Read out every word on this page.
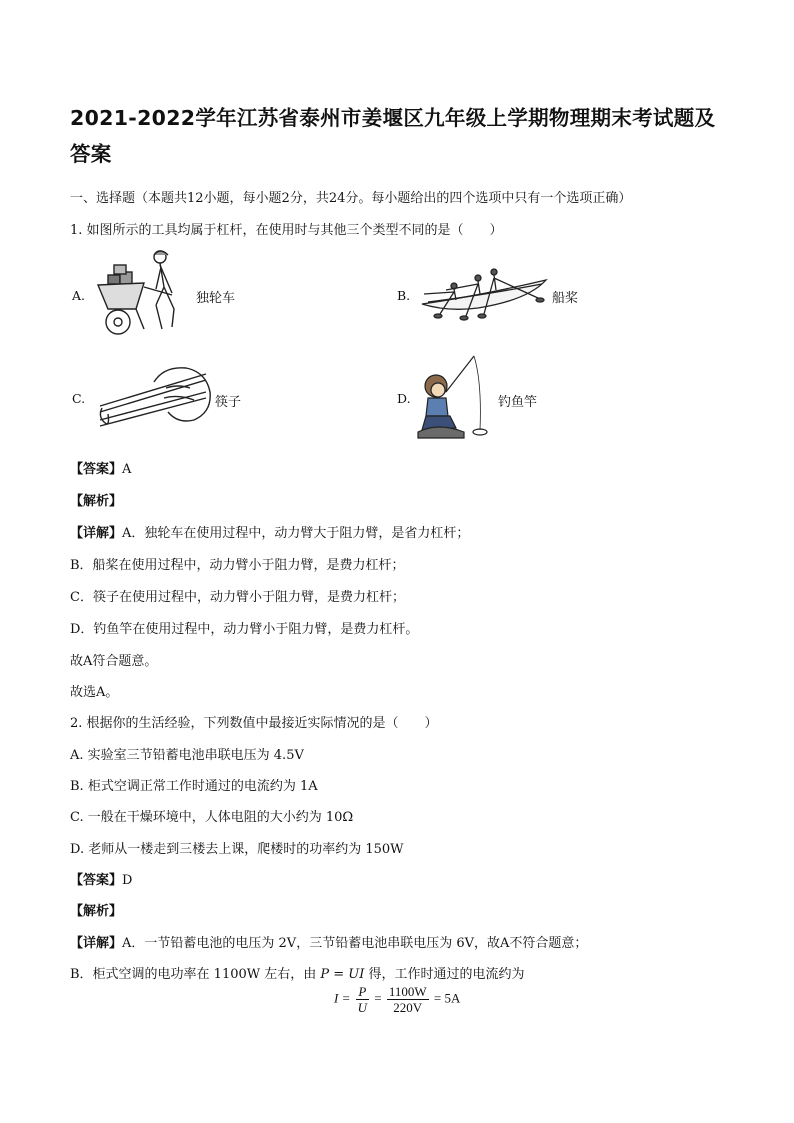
2021-2022学年江苏省泰州市姜堰区九年级上学期物理期末考试题及
答案
一、选择题（本题共12小题，每小题2分，共24分。每小题给出的四个选项中只有一个选项正确）
1. 如图所示的工具均属于杠杆，在使用时与其他三个类型不同的是（　　）
A.	独轮车	B.	船桨
C.	筷子	D.	钓鱼竿
【答案】A
【解析】
【详解】A．独轮车在使用过程中，动力臂大于阻力臂，是省力杠杆；
B．船桨在使用过程中，动力臂小于阻力臂，是费力杠杆；
C．筷子在使用过程中，动力臂小于阻力臂，是费力杠杆；
D．钓鱼竿在使用过程中，动力臂小于阻力臂，是费力杠杆。
故A符合题意。
故选A。
2. 根据你的生活经验，下列数值中最接近实际情况的是（　　）
A. 实验室三节铅蓄电池串联电压为 4.5V
B. 柜式空调正常工作时通过的电流约为 1A
C. 一般在干燥环境中，人体电阻的大小约为 10Ω
D. 老师从一楼走到三楼去上课，爬楼时的功率约为 150W
【答案】D
【解析】
【详解】A．一节铅蓄电池的电压为 2V，三节铅蓄电池串联电压为 6V，故A不符合题意；
B．柜式空调的电功率在 1100W 左右，由 P = UI 得，工作时通过的电流约为
$I = \frac{P}{U} = \frac{1100W}{220V} = 5A$
